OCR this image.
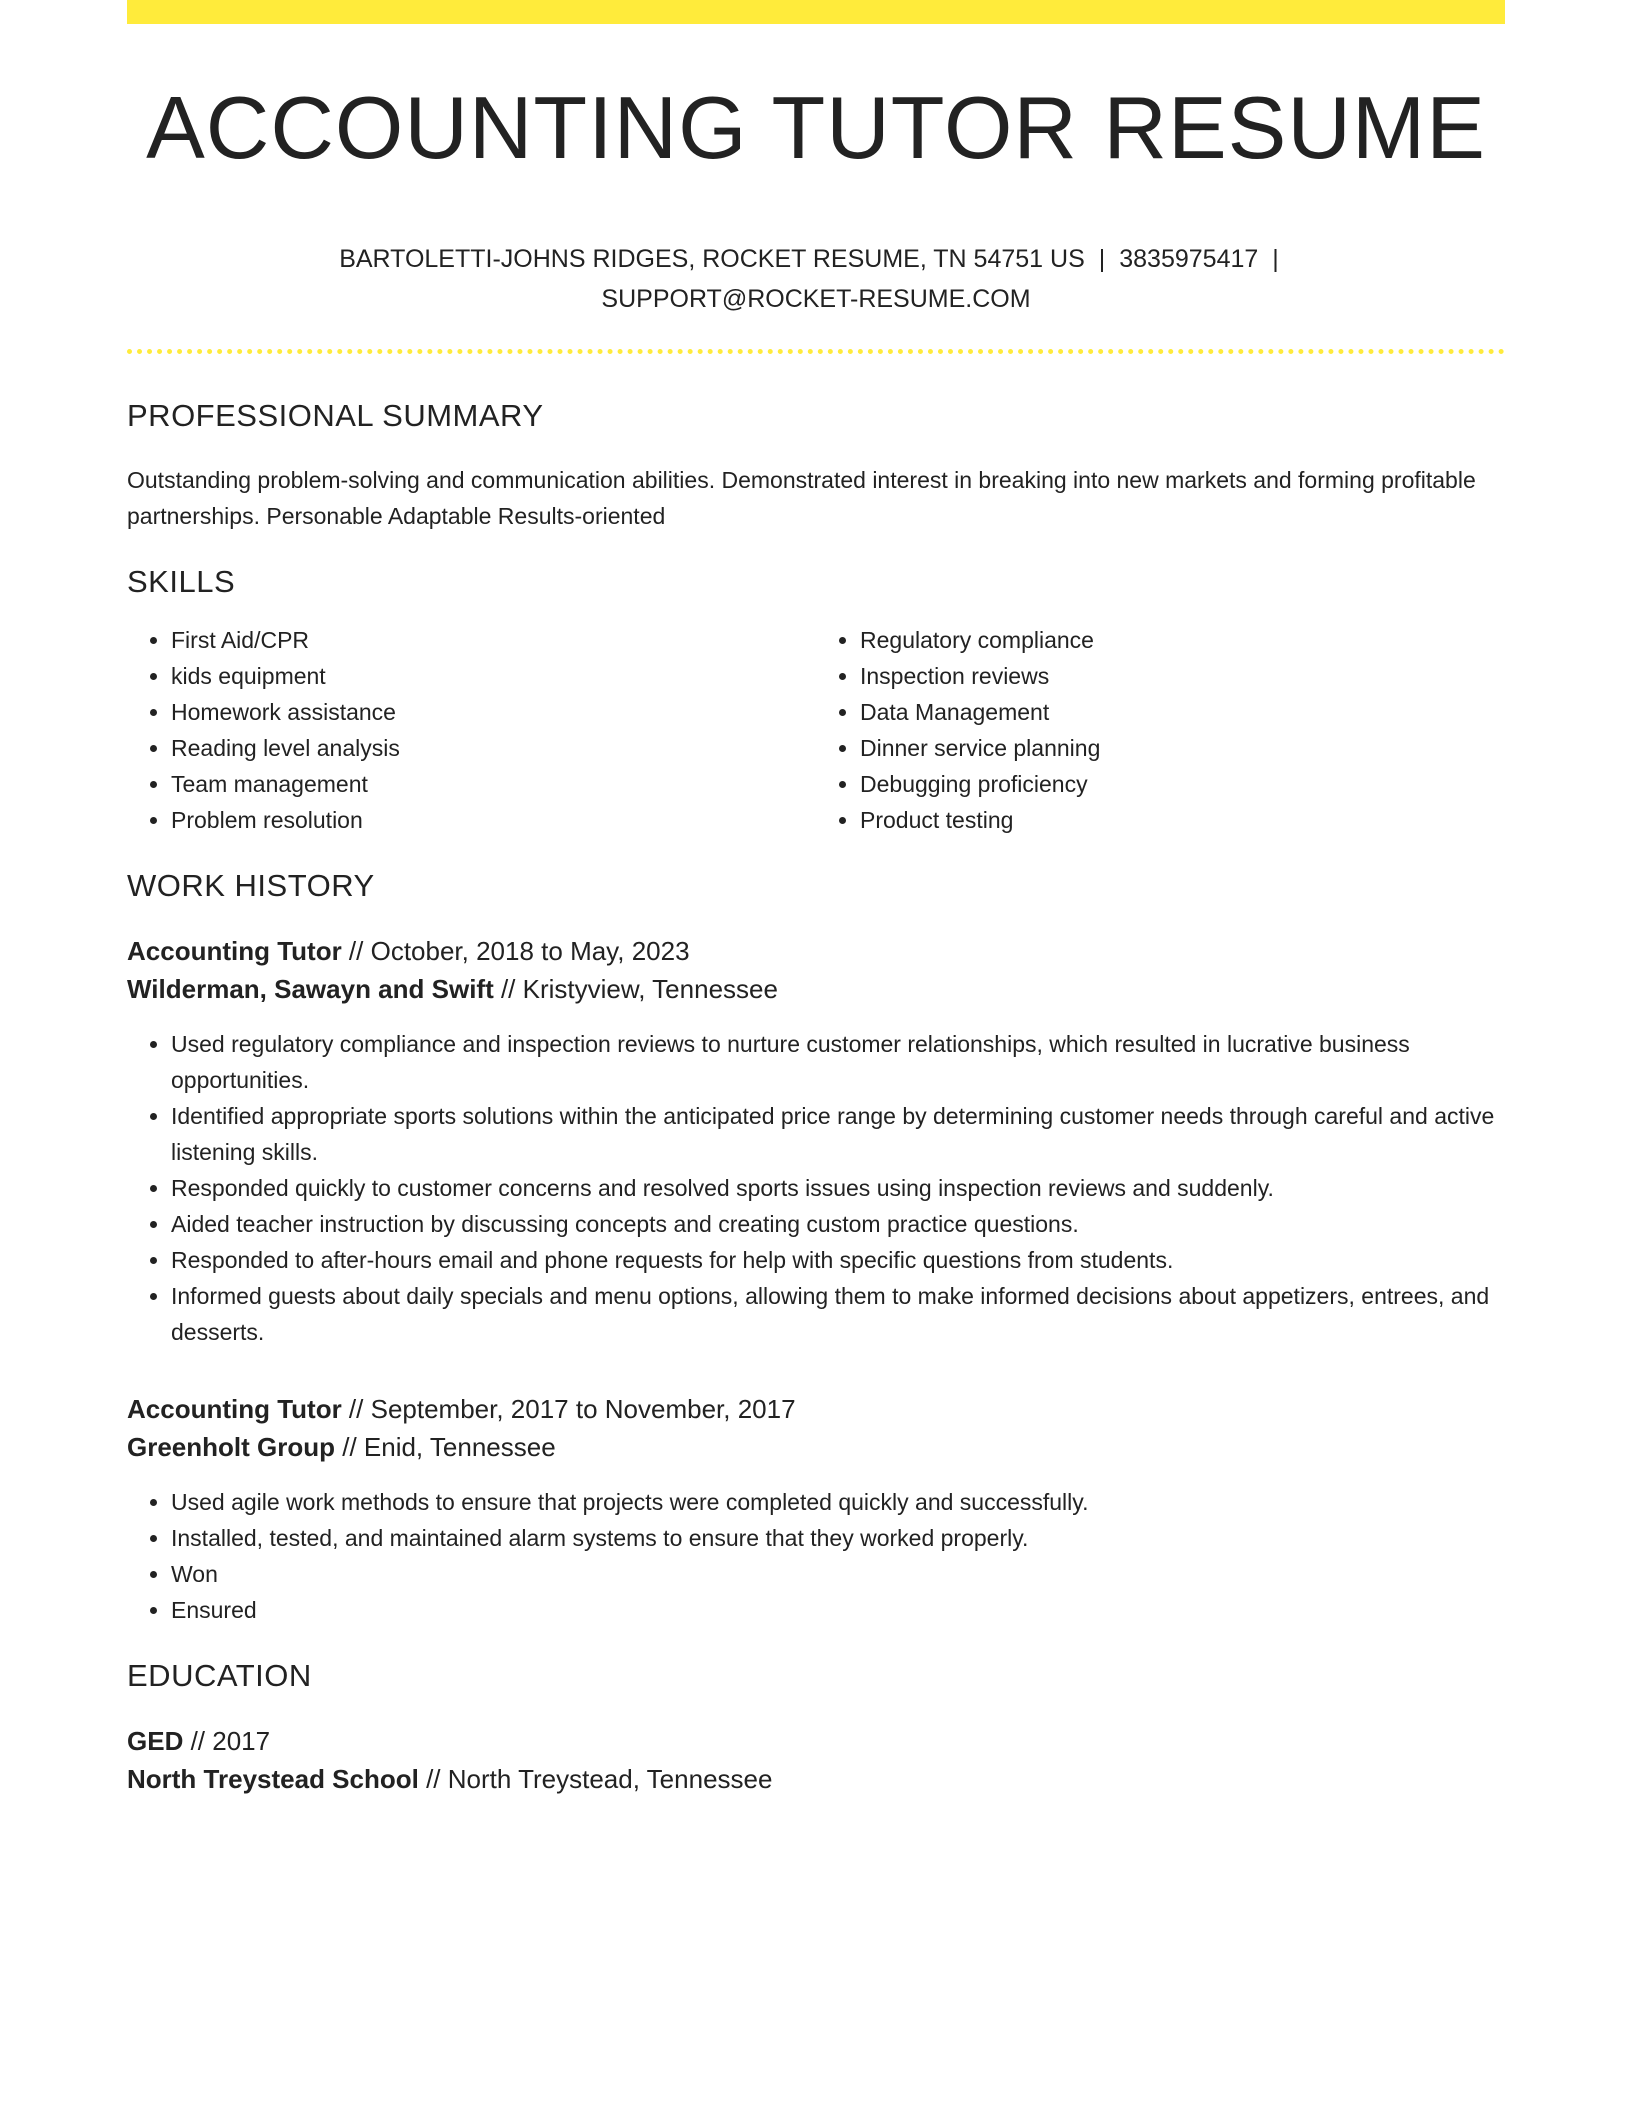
ACCOUNTING TUTOR RESUME
BARTOLETTI-JOHNS RIDGES, ROCKET RESUME, TN 54751 US | 3835975417 |
SUPPORT@ROCKET-RESUME.COM
PROFESSIONAL SUMMARY

Outstanding problem-solving and communication abilities. Demonstrated interest in breaking into new markets and forming profitable partnerships. Personable Adaptable Results-oriented

SKILLS
• First Aid/CPR
• kids equipment
• Homework assistance
• Reading level analysis
• Team management
• Problem resolution
• Regulatory compliance
• Inspection reviews
• Data Management
• Dinner service planning
• Debugging proficiency
• Product testing
WORK HISTORY
Accounting Tutor // October, 2018 to May, 2023
Wilderman, Sawayn and Swift // Kristyview, Tennessee
• Used regulatory compliance and inspection reviews to nurture customer relationships, which resulted in lucrative business opportunities.
• Identified appropriate sports solutions within the anticipated price range by determining customer needs through careful and active listening skills.
• Responded quickly to customer concerns and resolved sports issues using inspection reviews and suddenly.
• Aided teacher instruction by discussing concepts and creating custom practice questions.
• Responded to after-hours email and phone requests for help with specific questions from students.
• Informed guests about daily specials and menu options, allowing them to make informed decisions about appetizers, entrees, and desserts.
Accounting Tutor // September, 2017 to November, 2017
Greenholt Group // Enid, Tennessee
• Used agile work methods to ensure that projects were completed quickly and successfully.
• Installed, tested, and maintained alarm systems to ensure that they worked properly.
• Won
• Ensured
EDUCATION
GED // 2017
North Treystead School // North Treystead, Tennessee
